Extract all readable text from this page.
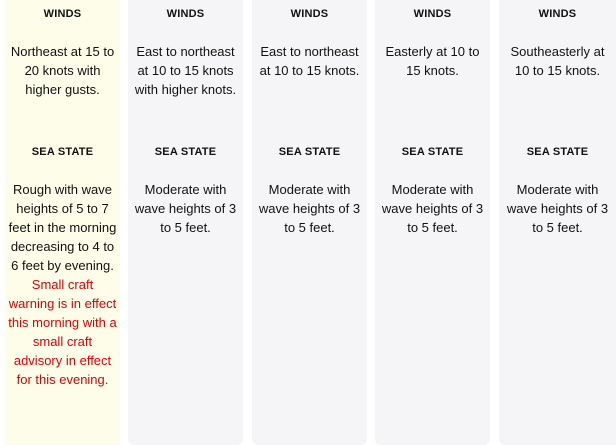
WINDS
Northeast at 15 to 20 knots with higher gusts.
SEA STATE
Rough with wave heights of 5 to 7 feet in the morning decreasing to 4 to 6 feet by evening.
Small craft warning is in effect this morning with a small craft advisory in effect for this evening.
WINDS
East to northeast at 10 to 15 knots with higher knots.
SEA STATE
Moderate with wave heights of 3 to 5 feet.
WINDS
East to northeast at 10 to 15 knots.
SEA STATE
Moderate with wave heights of 3 to 5 feet.
WINDS
Easterly at 10 to 15 knots.
SEA STATE
Moderate with wave heights of 3 to 5 feet.
WINDS
Southeasterly at 10 to 15 knots.
SEA STATE
Moderate with wave heights of 3 to 5 feet.
